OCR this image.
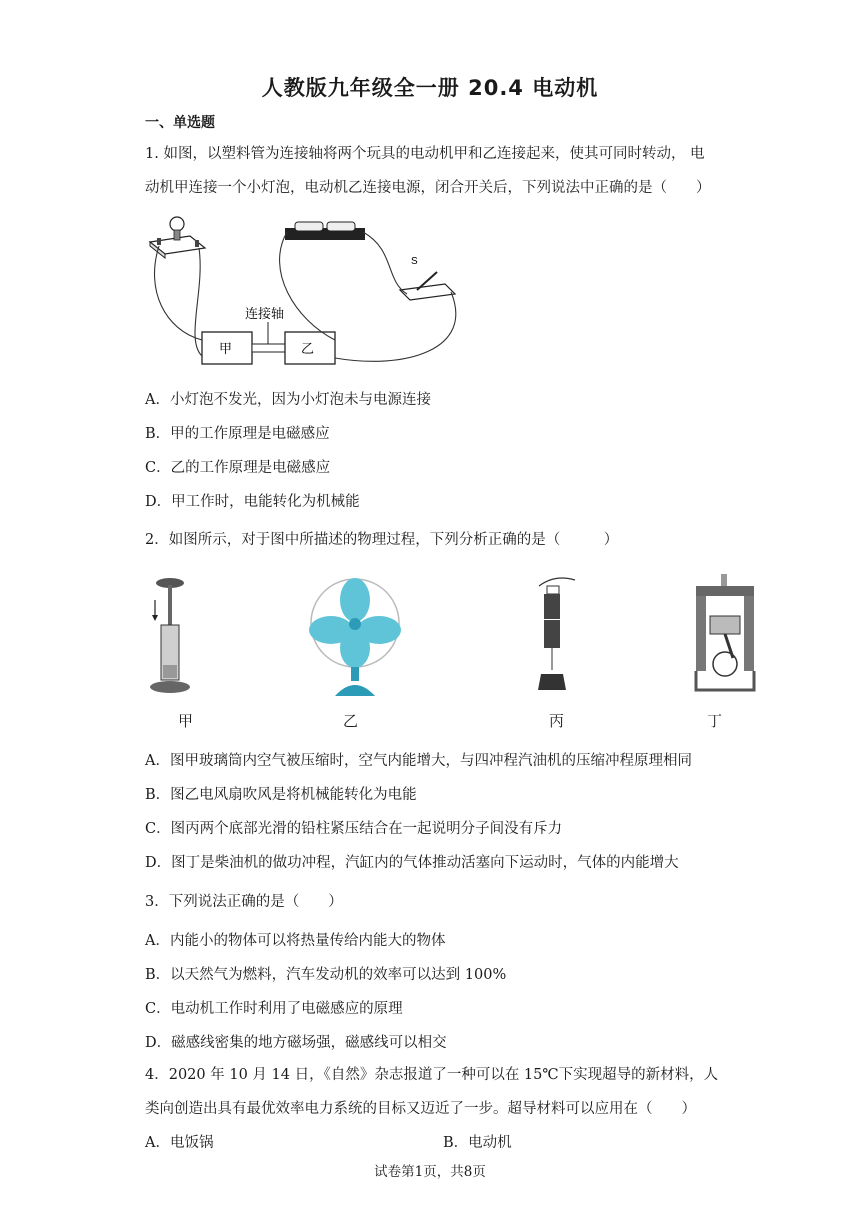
人教版九年级全一册 20.4 电动机
一、单选题
1. 如图，以塑料管为连接轴将两个玩具的电动机甲和乙连接起来，使其可同时转动， 电
动机甲连接一个小灯泡，电动机乙连接电源，闭合开关后，下列说法中正确的是（　　）
S
甲
连接轴
乙
A．小灯泡不发光，因为小灯泡未与电源连接
B．甲的工作原理是电磁感应
C．乙的工作原理是电磁感应
D．甲工作时，电能转化为机械能
2．如图所示，对于图中所描述的物理过程，下列分析正确的是（　　　）
甲	乙	丙	丁
A．图甲玻璃筒内空气被压缩时，空气内能增大，与四冲程汽油机的压缩冲程原理相同
B．图乙电风扇吹风是将机械能转化为电能
C．图丙两个底部光滑的铅柱紧压结合在一起说明分子间没有斥力
D．图丁是柴油机的做功冲程，汽缸内的气体推动活塞向下运动时，气体的内能增大
3．下列说法正确的是（　　）
A．内能小的物体可以将热量传给内能大的物体
B．以天然气为燃料，汽车发动机的效率可以达到 100%
C．电动机工作时利用了电磁感应的原理
D．磁感线密集的地方磁场强，磁感线可以相交
4．2020 年 10 月 14 日，《自然》杂志报道了一种可以在 15℃下实现超导的新材料，人
类向创造出具有最优效率电力系统的目标又迈近了一步。超导材料可以应用在（　　）
A．电饭锅	B．电动机
试卷第1页，共8页
